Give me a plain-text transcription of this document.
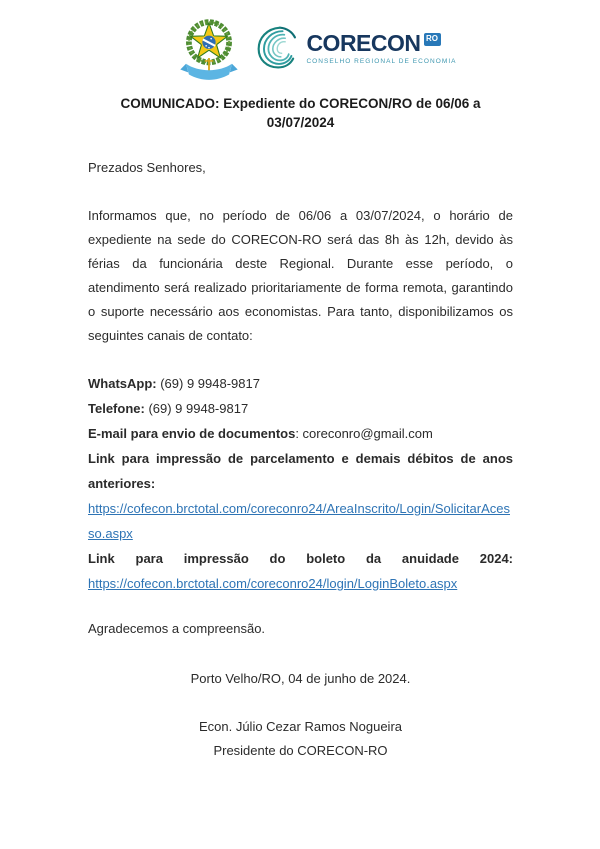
CORECON RO
CONSELHO REGIONAL DE ECONOMIA
COMUNICADO: Expediente do CORECON/RO de 06/06 a 03/07/2024

Prezados Senhores,

Informamos que, no período de 06/06 a 03/07/2024, o horário de expediente na sede do CORECON-RO será das 8h às 12h, devido às férias da funcionária deste Regional. Durante esse período, o atendimento será realizado prioritariamente de forma remota, garantindo o suporte necessário aos economistas. Para tanto, disponibilizamos os seguintes canais de contato:

WhatsApp: (69) 9 9948-9817

Telefone: (69) 9 9948-9817

E-mail para envio de documentos: coreconro@gmail.com

Link para impressão de parcelamento e demais débitos de anos anteriores: https://cofecon.brctotal.com/coreconro24/AreaInscrito/Login/SolicitarAcesso.aspx

Link para impressão do boleto da anuidade 2024: https://cofecon.brctotal.com/coreconro24/login/LoginBoleto.aspx

Agradecemos a compreensão.

Porto Velho/RO, 04 de junho de 2024.

Econ. Júlio Cezar Ramos Nogueira

Presidente do CORECON-RO
